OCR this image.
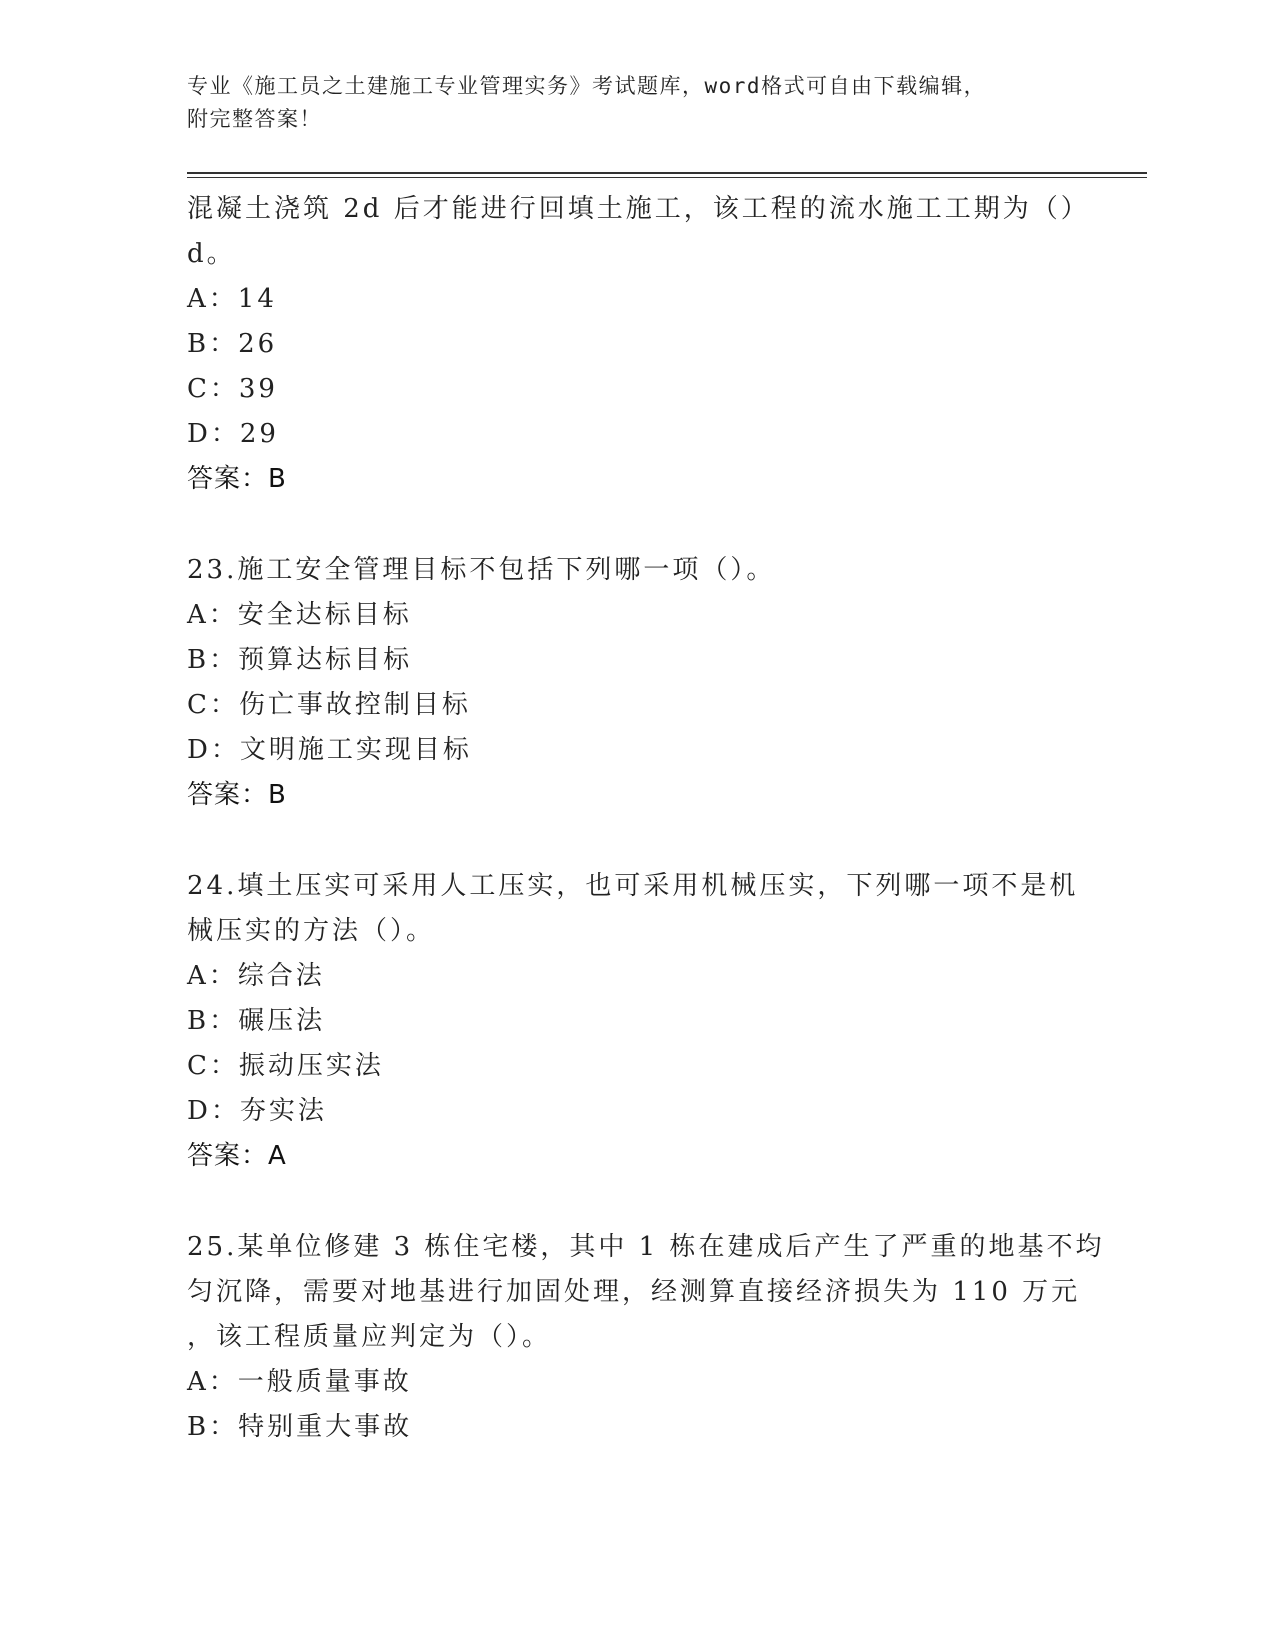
专业《施工员之土建施工专业管理实务》考试题库，word格式可自由下载编辑，

附完整答案！

混凝土浇筑 2d 后才能进行回填土施工，该工程的流水施工工期为（）
d。
A：14
B：26
C：39
D：29
答案：B
23.施工安全管理目标不包括下列哪一项（）。
A：安全达标目标
B：预算达标目标
C：伤亡事故控制目标
D：文明施工实现目标
答案：B
24.填土压实可采用人工压实，也可采用机械压实，下列哪一项不是机
械压实的方法（）。
A：综合法
B：碾压法
C：振动压实法
D：夯实法
答案：A
25.某单位修建 3 栋住宅楼，其中 1 栋在建成后产生了严重的地基不均
匀沉降，需要对地基进行加固处理，经测算直接经济损失为 110 万元
，该工程质量应判定为（）。
A：一般质量事故
B：特别重大事故
